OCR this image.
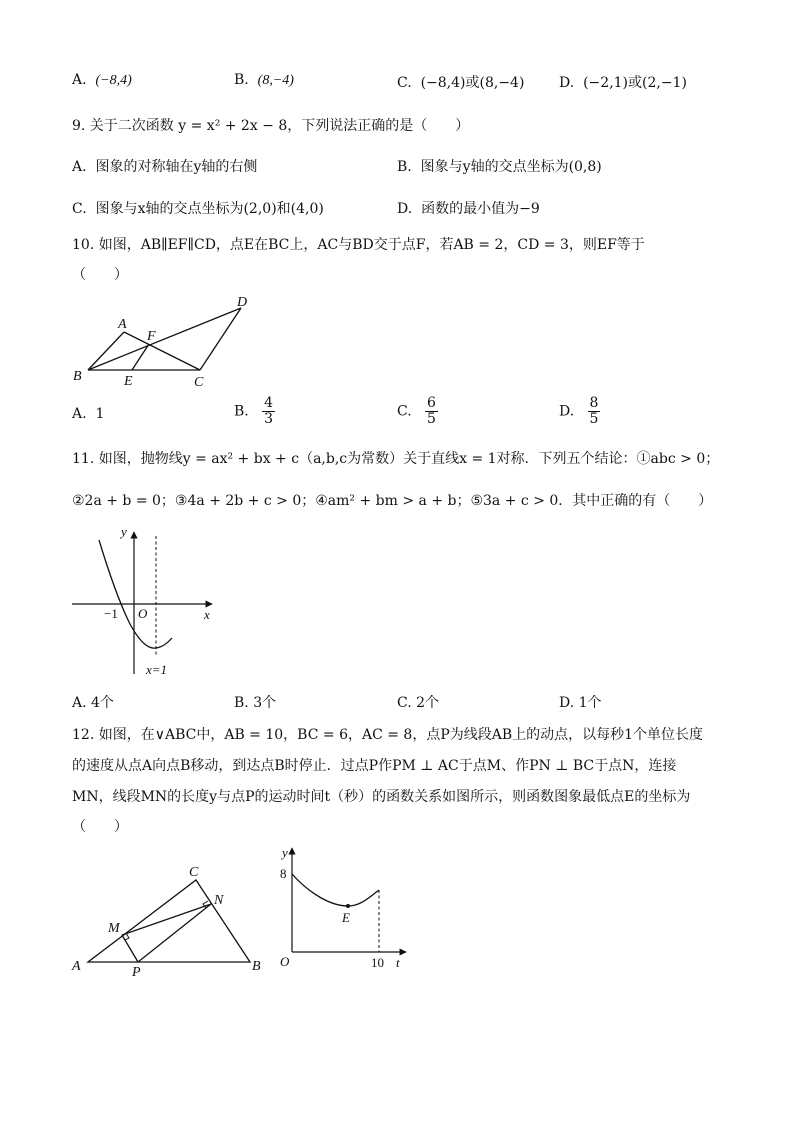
A. (−8,4)	B. (8,−4)	C. (−8,4)或(8,−4) D. (−2,1)或(2,−1)
9. 关于二次函数 y = x² + 2x − 8，下列说法正确的是（　　）
A. 图象的对称轴在y轴的右侧	B. 图象与y轴的交点坐标为(0,8)
C. 图象与x轴的交点坐标为(2,0)和(4,0)	D. 函数的最小值为−9
10. 如图，AB∥EF∥CD，点E在BC上，AC与BD交于点F，若AB = 2，CD = 3，则EF等于
（　　）
A
B	C
D
E
F
A. 1	B. $\frac{4}{3}$	C. $\frac{6}{5}$	D. $\frac{8}{5}$
11. 如图，抛物线y = ax² + bx + c（a,b,c为常数）关于直线x = 1对称．下列五个结论：①abc > 0；
②2a + b = 0；③4a + 2b + c > 0；④am² + bm > a + b；⑤3a + c > 0．其中正确的有（　　）
y
x
O
−1
x=1
A. 4个	B. 3个	C. 2个	D. 1个
12. 如图，在∨ABC中，AB = 10，BC = 6，AC = 8，点P为线段AB上的动点，以每秒1个单位长度
的速度从点A向点B移动，到达点B时停止．过点P作PM ⊥ AC于点M、作PN ⊥ BC于点N，连接
MN，线段MN的长度y与点P的运动时间t（秒）的函数关系如图所示，则函数图象最低点E的坐标为
（　　）
A	B
C
M
N
P
y
t
O
8
10
E
